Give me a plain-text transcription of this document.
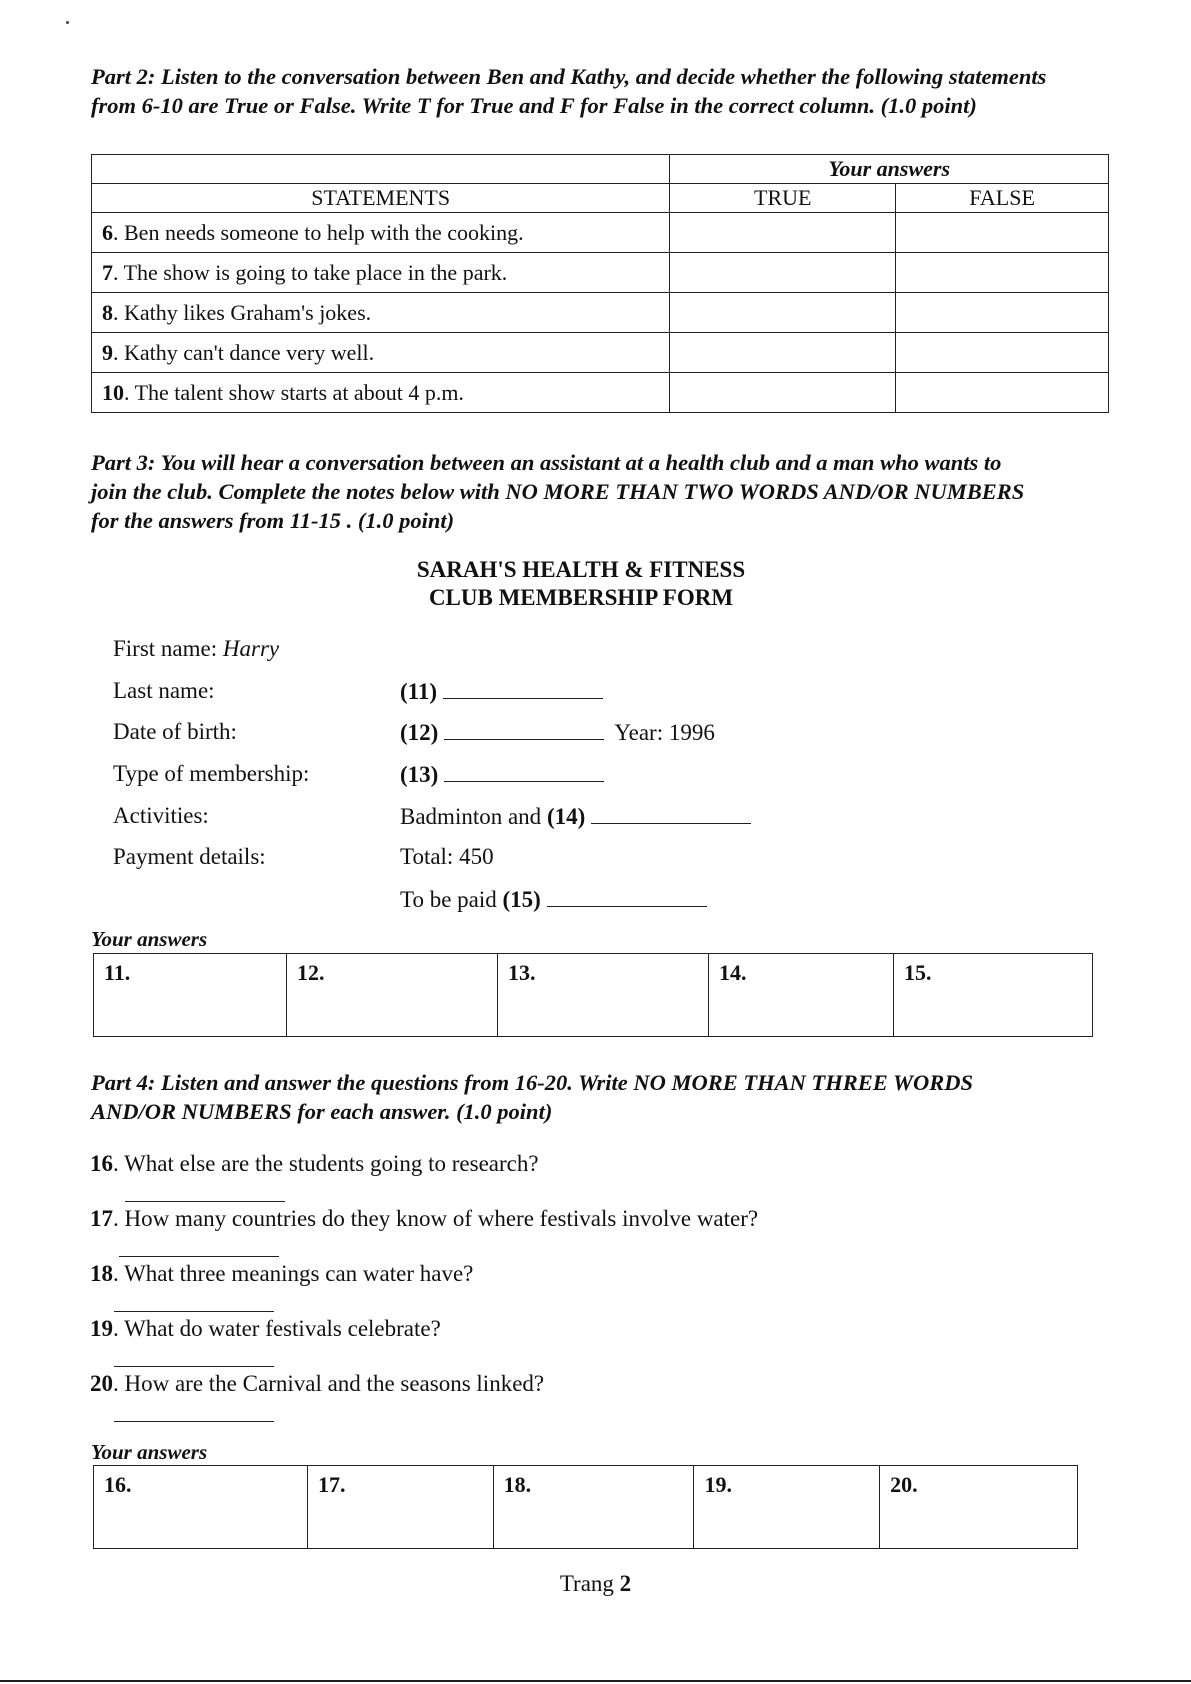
Part 2: Listen to the conversation between Ben and Kathy, and decide whether the following statements
from 6-10 are True or False. Write T for True and F for False in the correct column. (1.0 point)
	Your answers	
STATEMENTS	TRUE	FALSE
6. Ben needs someone to help with the cooking.		
7. The show is going to take place in the park.		
8. Kathy likes Graham's jokes.		
9. Kathy can't dance very well.		
10. The talent show starts at about 4 p.m.		
Part 3: You will hear a conversation between an assistant at a health club and a man who wants to
join the club. Complete the notes below with NO MORE THAN TWO WORDS AND/OR NUMBERS
for the answers from 11-15 . (1.0 point)
SARAH'S HEALTH & FITNESS
CLUB MEMBERSHIP FORM
First name: Harry
Last name:	(11)
Date of birth:	(12)	Year: 1996
Type of membership:	(13)
Activities:	Badminton and (14)
Payment details:	Total: 450
To be paid (15)
Your answers
11.	12.	13.	14.	15.
Part 4: Listen and answer the questions from 16-20. Write NO MORE THAN THREE WORDS
AND/OR NUMBERS for each answer. (1.0 point)
16. What else are the students going to research?
17. How many countries do they know of where festivals involve water?
18. What three meanings can water have?
19. What do water festivals celebrate?
20. How are the Carnival and the seasons linked?
Your answers
16.	17.	18.	19.	20.
Trang 2
